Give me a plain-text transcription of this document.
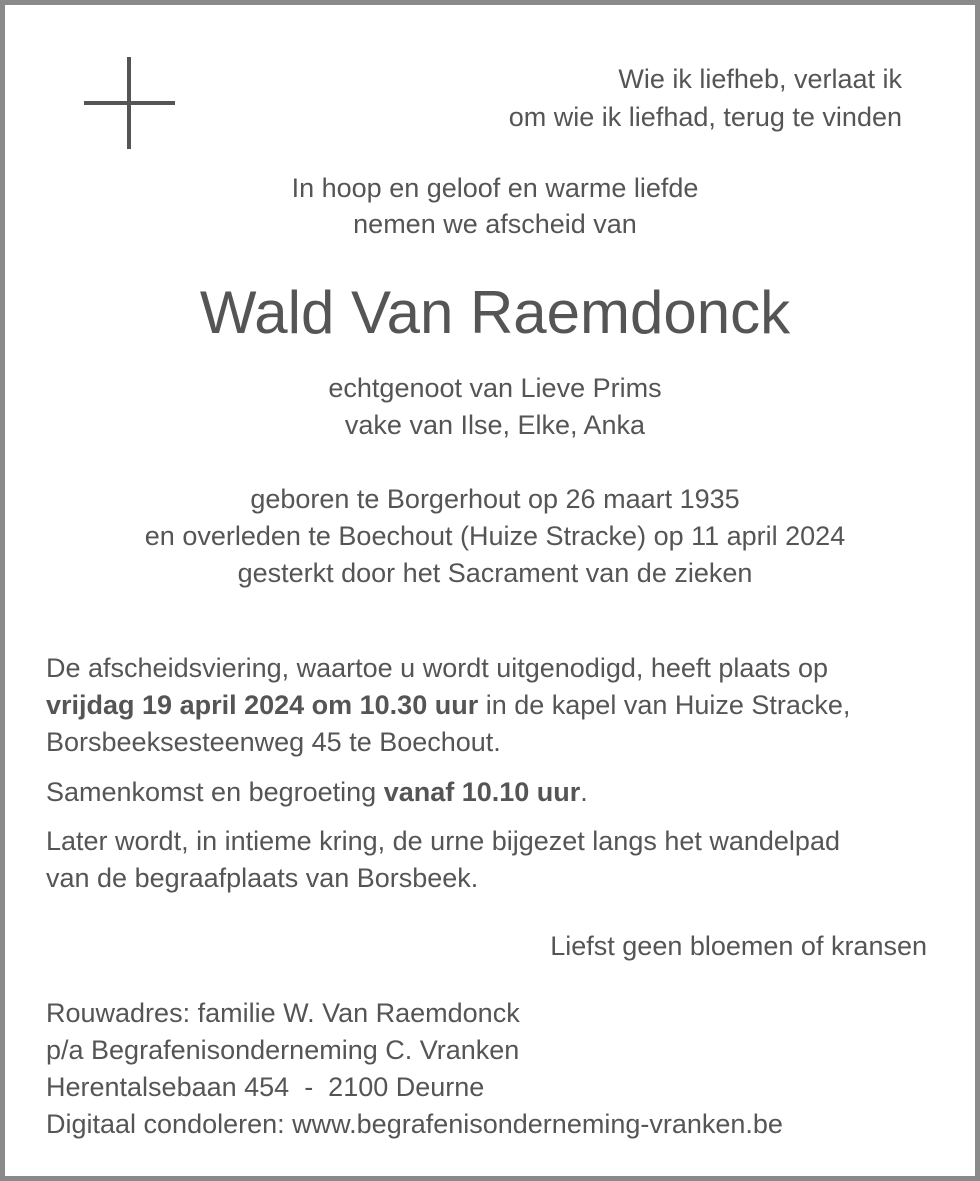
Wie ik liefheb, verlaat ik
om wie ik liefhad, terug te vinden
In hoop en geloof en warme liefde
nemen we afscheid van
Wald Van Raemdonck
echtgenoot van Lieve Prims
vake van Ilse, Elke, Anka
geboren te Borgerhout op 26 maart 1935
en overleden te Boechout (Huize Stracke) op 11 april 2024
gesterkt door het Sacrament van de zieken
De afscheidsviering, waartoe u wordt uitgenodigd, heeft plaats op
vrijdag 19 april 2024 om 10.30 uur in de kapel van Huize Stracke,
Borsbeeksesteenweg 45 te Boechout.
Samenkomst en begroeting vanaf 10.10 uur.
Later wordt, in intieme kring, de urne bijgezet langs het wandelpad
van de begraafplaats van Borsbeek.
Liefst geen bloemen of kransen
Rouwadres: familie W. Van Raemdonck
p/a Begrafenisonderneming C. Vranken
Herentalsebaan 454  -  2100 Deurne
Digitaal condoleren: www.begrafenisonderneming-vranken.be
